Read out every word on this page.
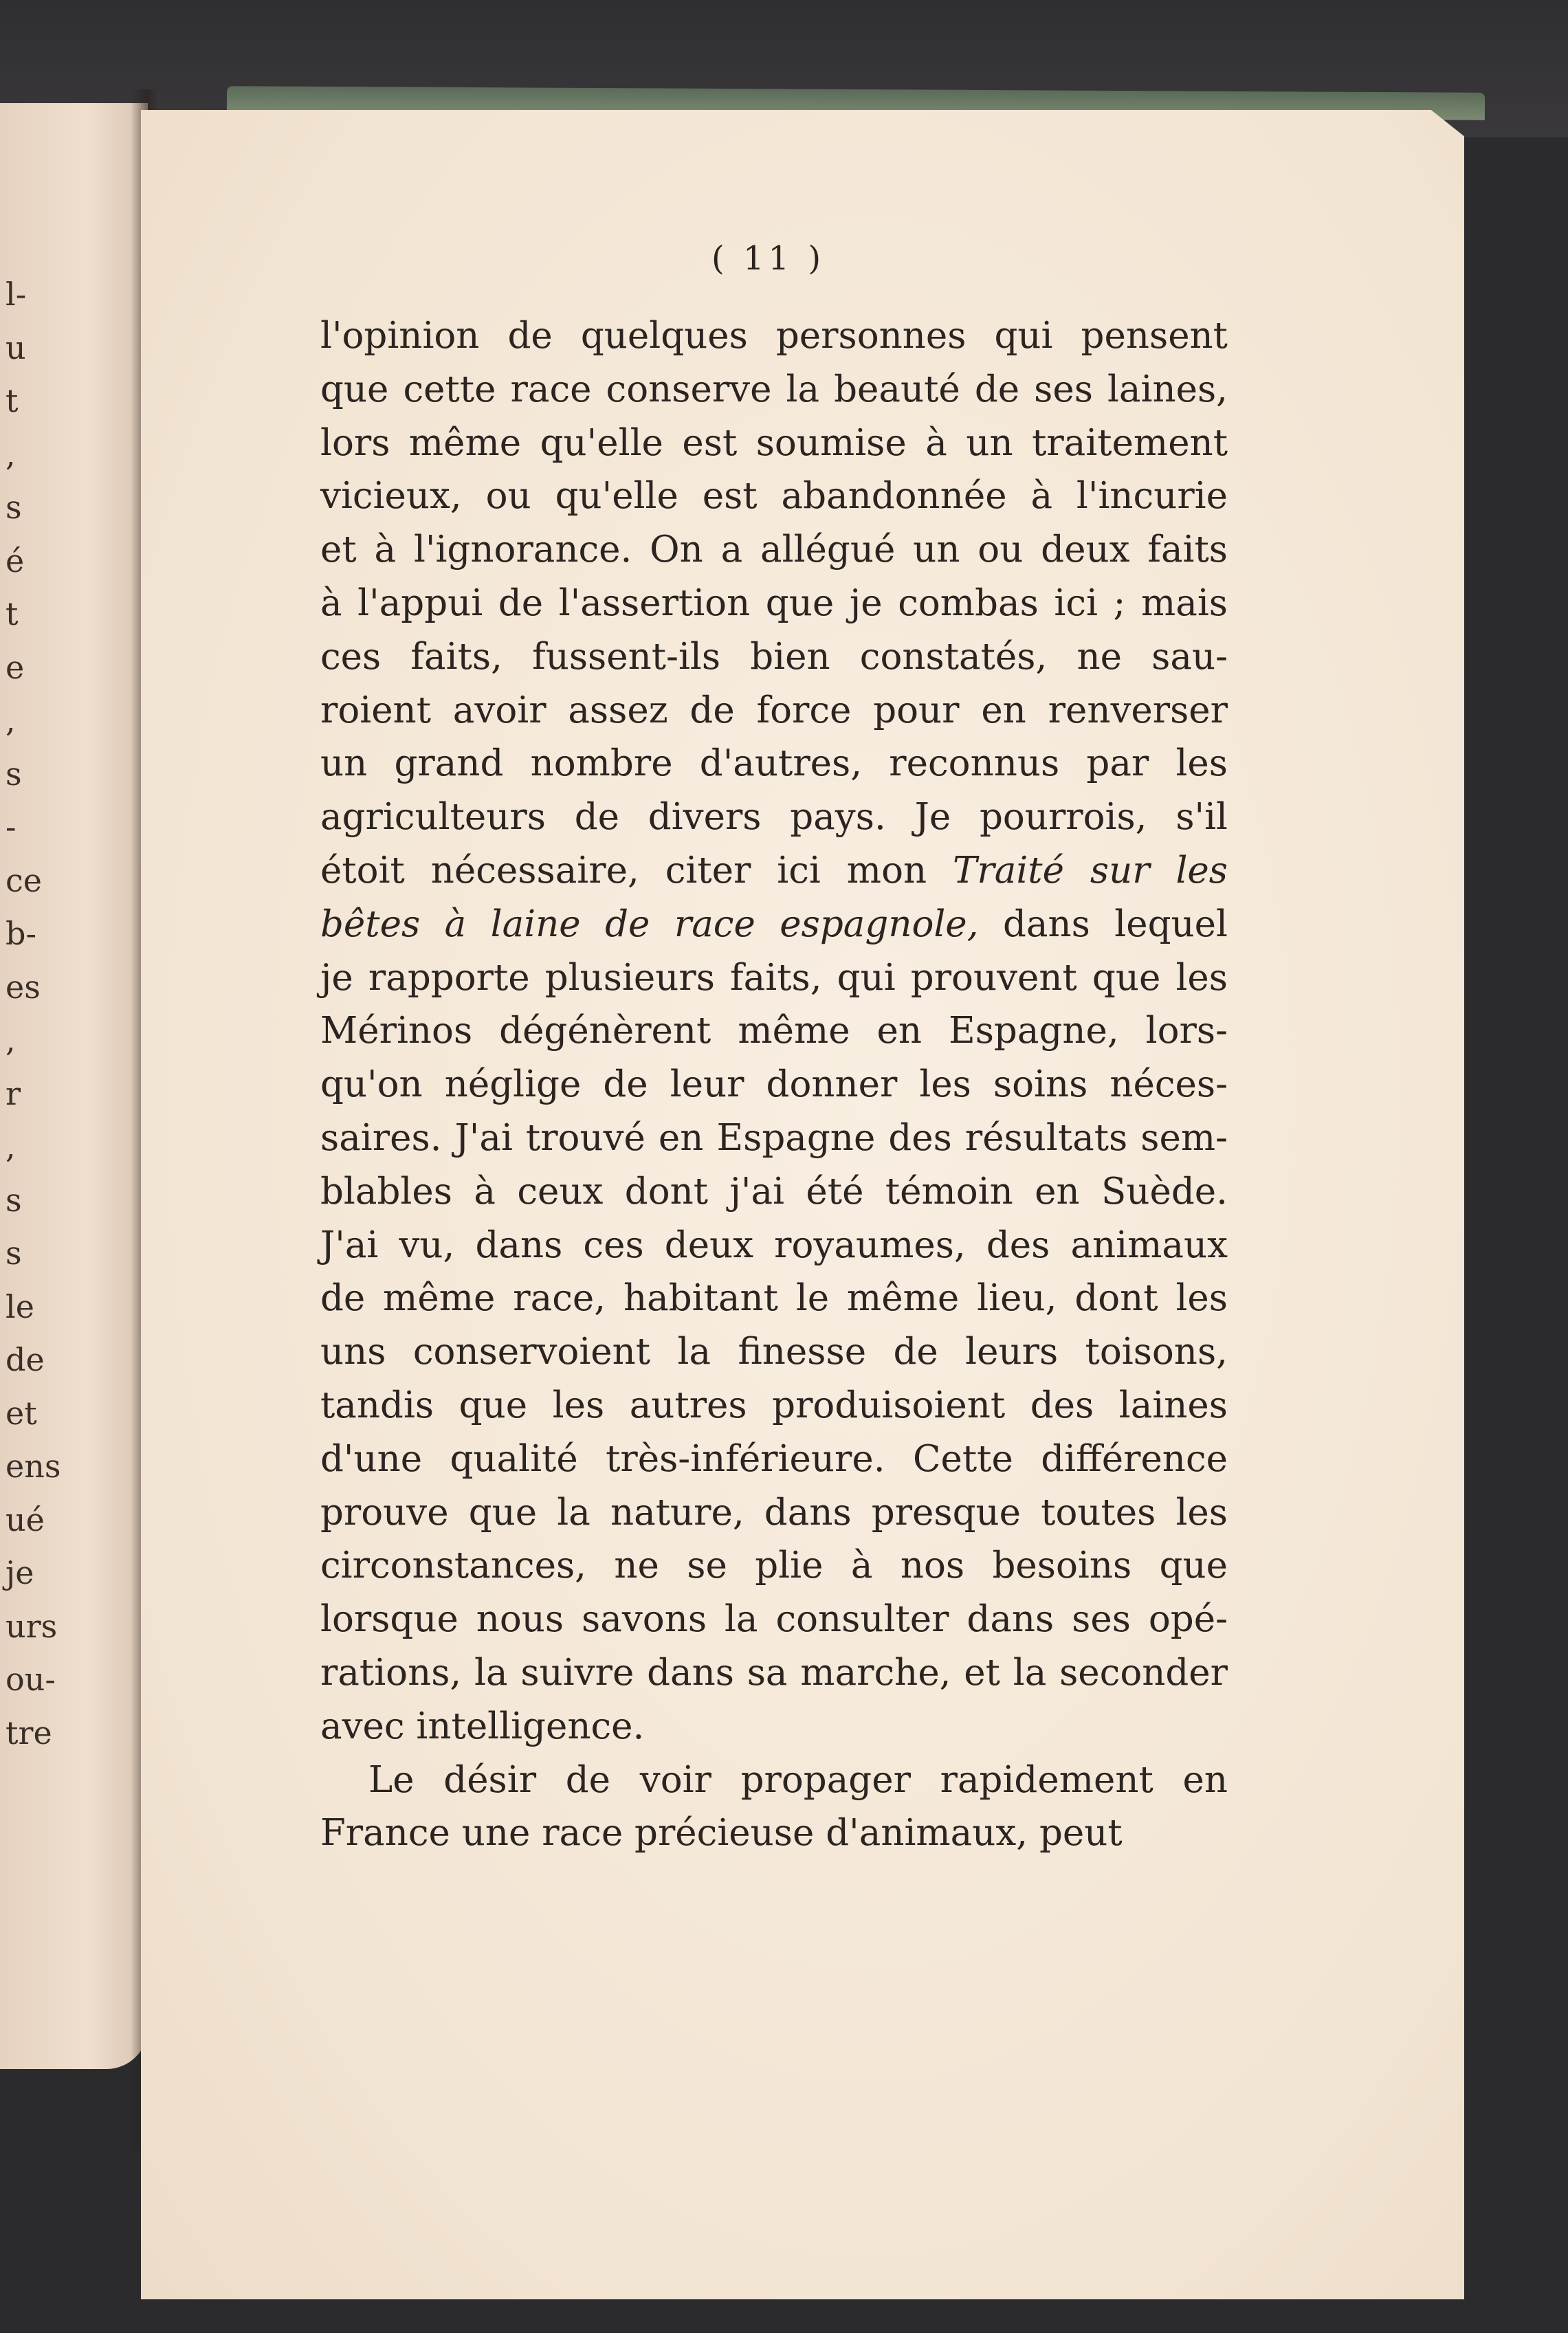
l-
u
t
,
s
é
t
e
,
s
-
ce
b-
es
,
r
,
s
s
le
de
et
ens
ué
je
urs
ou-
tre
( 11 )
l'opinion de quelques personnes qui pensent
que cette race conserve la beauté de ses laines,
lors même qu'elle est soumise à un traitement
vicieux, ou qu'elle est abandonnée à l'incurie
et à l'ignorance. On a allégué un ou deux faits
à l'appui de l'assertion que je combas ici ; mais
ces faits, fussent-ils bien constatés, ne sau-
roient avoir assez de force pour en renverser
un grand nombre d'autres, reconnus par les
agriculteurs de divers pays. Je pourrois, s'il
étoit nécessaire, citer ici mon Traité sur les
bêtes à laine de race espagnole, dans lequel
je rapporte plusieurs faits, qui prouvent que les
Mérinos dégénèrent même en Espagne, lors-
qu'on néglige de leur donner les soins néces-
saires. J'ai trouvé en Espagne des résultats sem-
blables à ceux dont j'ai été témoin en Suède.
J'ai vu, dans ces deux royaumes, des animaux
de même race, habitant le même lieu, dont les
uns conservoient la finesse de leurs toisons,
tandis que les autres produisoient des laines
d'une qualité très-inférieure. Cette différence
prouve que la nature, dans presque toutes les
circonstances, ne se plie à nos besoins que
lorsque nous savons la consulter dans ses opé-
rations, la suivre dans sa marche, et la seconder
avec intelligence.
Le désir de voir propager rapidement en
France une race précieuse d'animaux, peut
